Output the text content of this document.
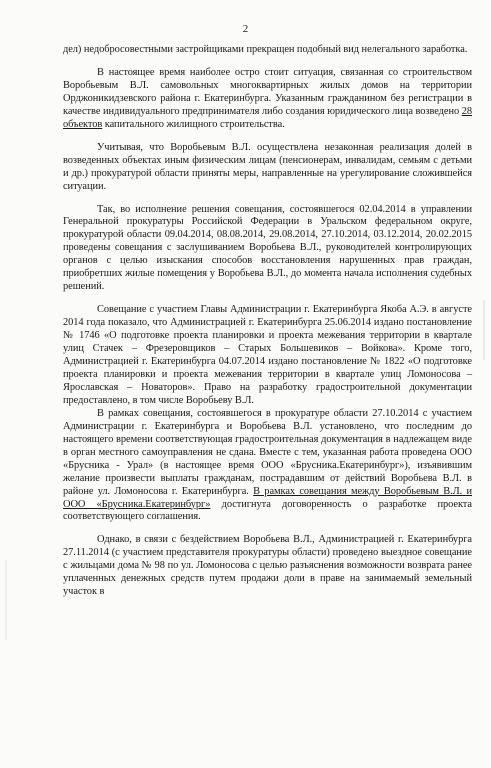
2

дел) недобросовестными застройщиками прекращен подобный вид нелегального заработка.

В настоящее время наиболее остро стоит ситуация, связанная со строительством Воробьевым В.Л. самовольных многоквартирных жилых домов на территории Орджоникидзевского района г. Екатеринбурга. Указанным гражданином без регистрации в качестве индивидуального предпринимателя либо создания юридического лица возведено 28 объектов капитального жилищного строительства.

Учитывая, что Воробьевым В.Л. осуществлена незаконная реализация долей в возведенных объектах иным физическим лицам (пенсионерам, инвалидам, семьям с детьми и др.) прокуратурой области приняты меры, направленные на урегулирование сложившейся ситуации.

Так, во исполнение решения совещания, состоявшегося 02.04.2014 в управлении Генеральной прокуратуры Российской Федерации в Уральском федеральном округе, прокуратурой области 09.04.2014, 08.08.2014, 29.08.2014, 27.10.2014, 03.12.2014, 20.02.2015 проведены совещания с заслушиванием Воробьева В.Л., руководителей контролирующих органов с целью изыскания способов восстановления нарушенных прав граждан, приобретших жилые помещения у Воробьева В.Л., до момента начала исполнения судебных решений.

Совещание с участием Главы Администрации г. Екатеринбурга Якоба А.Э. в августе 2014 года показало, что Администрацией г. Екатеринбурга 25.06.2014 издано постановление № 1746 «О подготовке проекта планировки и проекта межевания территории в квартале улиц Стачек – Фрезеровщиков – Старых Большевиков – Войкова». Кроме того, Администрацией г. Екатеринбурга 04.07.2014 издано постановление № 1822 «О подготовке проекта планировки и проекта межевания территории в квартале улиц Ломоносова – Ярославская – Новаторов». Право на разработку градостроительной документации предоставлено, в том числе Воробьеву В.Л.

В рамках совещания, состоявшегося в прокуратуре области 27.10.2014 с участием Администрации г. Екатеринбурга и Воробьева В.Л. установлено, что последним до настоящего времени соответствующая градостроительная документация в надлежащем виде в орган местного самоуправления не сдана. Вместе с тем, указанная работа проведена ООО «Брусника - Урал» (в настоящее время ООО «Брусника.Екатеринбург»), изъявившим желание произвести выплаты гражданам, пострадавшим от действий Воробьева В.Л. в районе ул. Ломоносова г. Екатеринбурга. В рамках совещания между Воробьевым В.Л. и ООО «Брусника.Екатеринбург» достигнута договоренность о разработке проекта соответствующего соглашения.

Однако, в связи с бездействием Воробьева В.Л., Администрацией г. Екатеринбурга 27.11.2014 (с участием представителя прокуратуры области) проведено выездное совещание с жильцами дома № 98 по ул. Ломоносова с целью разъяснения возможности возврата ранее уплаченных денежных средств путем продажи доли в праве на занимаемый земельный участок в
